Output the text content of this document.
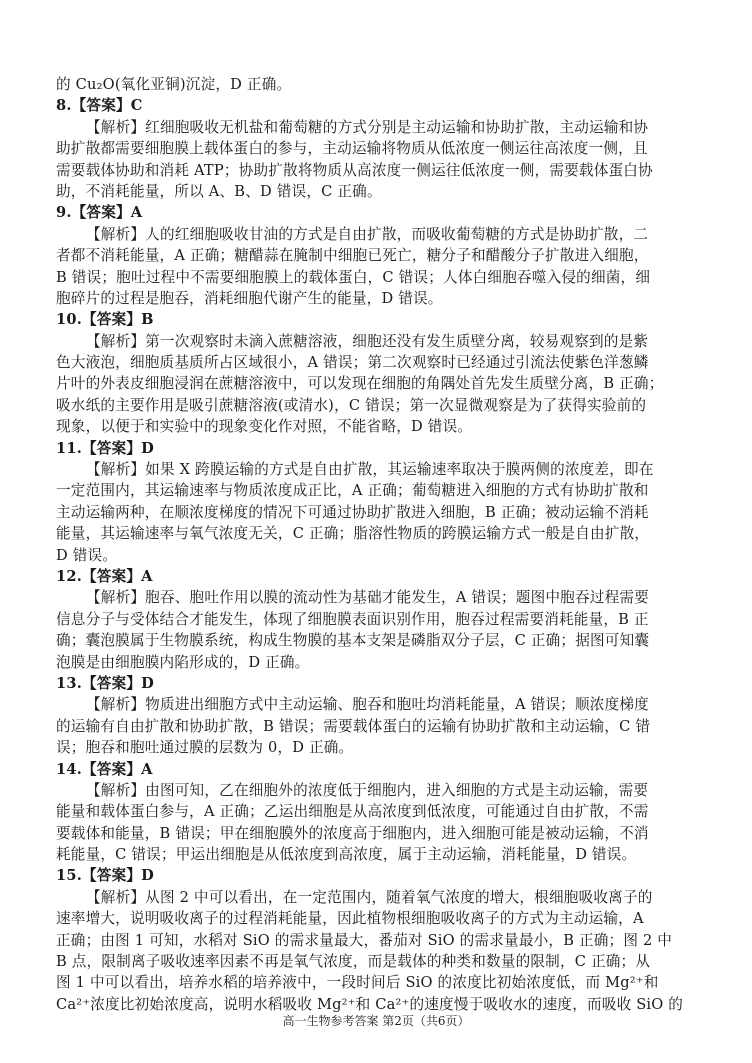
的 Cu₂O(氧化亚铜)沉淀，D 正确。
8.【答案】C
【解析】红细胞吸收无机盐和葡萄糖的方式分别是主动运输和协助扩散，主动运输和协
助扩散都需要细胞膜上载体蛋白的参与，主动运输将物质从低浓度一侧运往高浓度一侧，且
需要载体协助和消耗 ATP；协助扩散将物质从高浓度一侧运往低浓度一侧，需要载体蛋白协
助，不消耗能量，所以 A、B、D 错误，C 正确。
9.【答案】A
【解析】人的红细胞吸收甘油的方式是自由扩散，而吸收葡萄糖的方式是协助扩散，二
者都不消耗能量，A 正确；糖醋蒜在腌制中细胞已死亡，糖分子和醋酸分子扩散进入细胞，
B 错误；胞吐过程中不需要细胞膜上的载体蛋白，C 错误；人体白细胞吞噬入侵的细菌，细
胞碎片的过程是胞吞，消耗细胞代谢产生的能量，D 错误。
10.【答案】B
【解析】第一次观察时未滴入蔗糖溶液，细胞还没有发生质壁分离，较易观察到的是紫
色大液泡，细胞质基质所占区域很小，A 错误；第二次观察时已经通过引流法使紫色洋葱鳞
片叶的外表皮细胞浸润在蔗糖溶液中，可以发现在细胞的角隅处首先发生质壁分离，B 正确；
吸水纸的主要作用是吸引蔗糖溶液(或清水)，C 错误；第一次显微观察是为了获得实验前的
现象，以便于和实验中的现象变化作对照，不能省略，D 错误。
11.【答案】D
【解析】如果 X 跨膜运输的方式是自由扩散，其运输速率取决于膜两侧的浓度差，即在
一定范围内，其运输速率与物质浓度成正比，A 正确；葡萄糖进入细胞的方式有协助扩散和
主动运输两种，在顺浓度梯度的情况下可通过协助扩散进入细胞，B 正确；被动运输不消耗
能量，其运输速率与氧气浓度无关，C 正确；脂溶性物质的跨膜运输方式一般是自由扩散，
D 错误。
12.【答案】A
【解析】胞吞、胞吐作用以膜的流动性为基础才能发生，A 错误；题图中胞吞过程需要
信息分子与受体结合才能发生，体现了细胞膜表面识别作用，胞吞过程需要消耗能量，B 正
确；囊泡膜属于生物膜系统，构成生物膜的基本支架是磷脂双分子层，C 正确；据图可知囊
泡膜是由细胞膜内陷形成的，D 正确。
13.【答案】D
【解析】物质进出细胞方式中主动运输、胞吞和胞吐均消耗能量，A 错误；顺浓度梯度
的运输有自由扩散和协助扩散，B 错误；需要载体蛋白的运输有协助扩散和主动运输，C 错
误；胞吞和胞吐通过膜的层数为 0，D 正确。
14.【答案】A
【解析】由图可知，乙在细胞外的浓度低于细胞内，进入细胞的方式是主动运输，需要
能量和载体蛋白参与，A 正确；乙运出细胞是从高浓度到低浓度，可能通过自由扩散，不需
要载体和能量，B 错误；甲在细胞膜外的浓度高于细胞内，进入细胞可能是被动运输，不消
耗能量，C 错误；甲运出细胞是从低浓度到高浓度，属于主动运输，消耗能量，D 错误。
15.【答案】D
【解析】从图 2 中可以看出，在一定范围内，随着氧气浓度的增大，根细胞吸收离子的
速率增大，说明吸收离子的过程消耗能量，因此植物根细胞吸收离子的方式为主动运输，A
正确；由图 1 可知，水稻对 SiO 的需求量最大，番茄对 SiO 的需求量最小，B 正确；图 2 中
B 点，限制离子吸收速率因素不再是氧气浓度，而是载体的种类和数量的限制，C 正确；从
图 1 中可以看出，培养水稻的培养液中，一段时间后 SiO 的浓度比初始浓度低，而 Mg²⁺和
Ca²⁺浓度比初始浓度高，说明水稻吸收 Mg²⁺和 Ca²⁺的速度慢于吸收水的速度，而吸收 SiO 的
高一生物参考答案 第2页（共6页）
